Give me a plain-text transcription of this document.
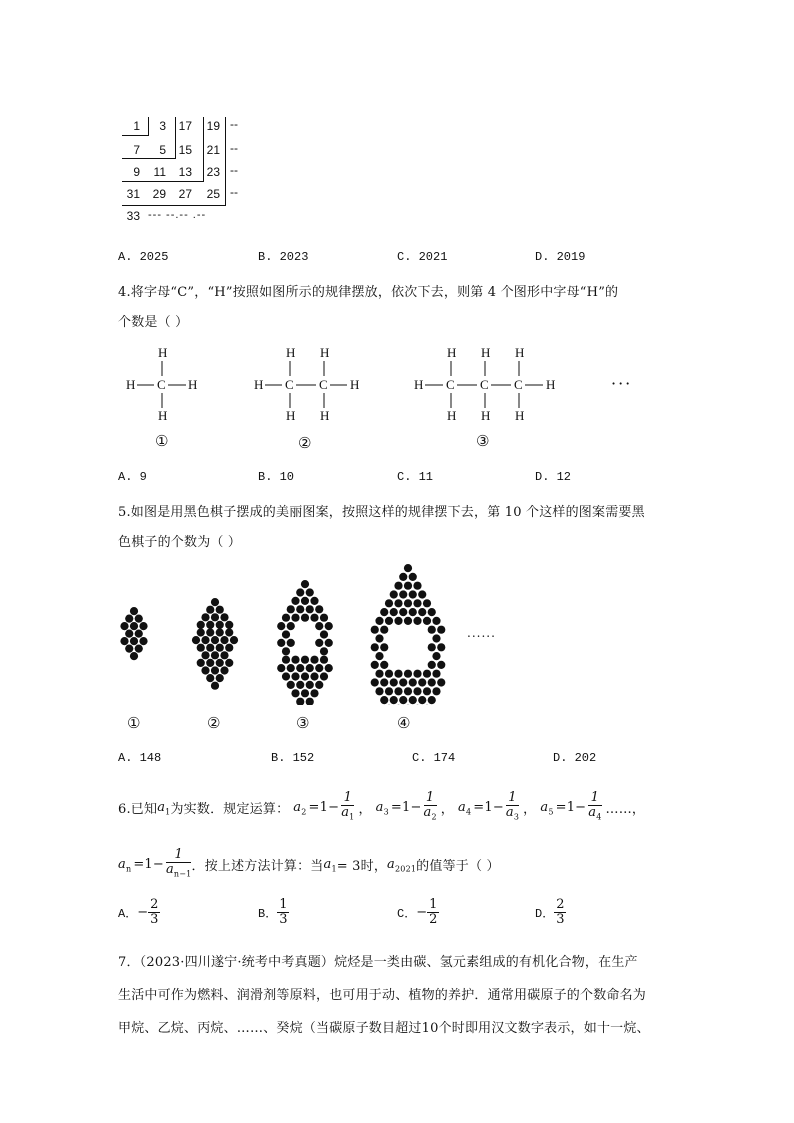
1	3	17	19
7	5	15	21
9	11	13	23
31	29	27	25
33 --- --.-- .--
--
--
--
--
A. 2025	B. 2023	C. 2021	D. 2019
4.将字母“C”，“H”按照如图所示的规律摆放，依次下去，则第 4 个图形中字母“H”的
个数是（ ）
H
H C H
H
H H
H C C H
H H
H H H
H C C C H
H H H
···
①	②	③
A. 9	B. 10	C. 11	D. 12
5.如图是用黑色棋子摆成的美丽图案，按照这样的规律摆下去，第 10 个这样的图案需要黑
色棋子的个数为（ ）
......
①	②	③	④
A. 148	B. 152	C. 174	D. 202
6.已知 $a_1$ 为实数．规定运算： $a_2 =1- \frac{1}{a_1}$ ， $a_3 =1- \frac{1}{a_2}$ ， $a_4 =1- \frac{1}{a_3}$ ， $a_5 =1- \frac{1}{a_4}$ ……，
$a_n =1- \frac{1}{a_{n-1}}$ ．按上述方法计算：当 $a_1 = 3$时， $a_{2021}$ 的值等于（ ）
A． − $\frac{2}{3}$	B． $\frac{1}{3}$	C． − $\frac{1}{2}$	D． $\frac{2}{3}$
7．（2023·四川遂宁·统考中考真题）烷烃是一类由碳、氢元素组成的有机化合物，在生产
生活中可作为燃料、润滑剂等原料，也可用于动、植物的养护．通常用碳原子的个数命名为
甲烷、乙烷、丙烷、……、癸烷（当碳原子数目超过10个时即用汉文数字表示，如十一烷、
